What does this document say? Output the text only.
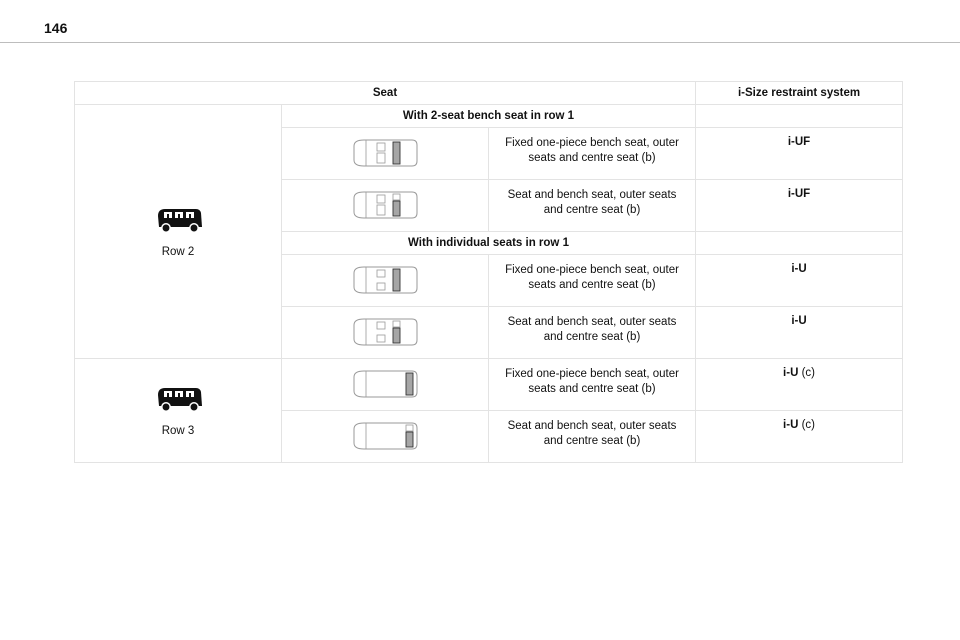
146
Seat			i-Size restraint system

Row 2	With 2-seat bench seat in row 1		

	Fixed one-piece bench seat, outer
seats and centre seat (b)	i-UF

	Seat and bench seat, outer seats
and centre seat (b)	i-UF
	With individual seats in row 1		

	Fixed one-piece bench seat, outer
seats and centre seat (b)	i-U

	Seat and bench seat, outer seats
and centre seat (b)	i-U

Row 3		Fixed one-piece bench seat, outer
seats and centre seat (b)	i-U (c)

	Seat and bench seat, outer seats
and centre seat (b)	i-U (c)
